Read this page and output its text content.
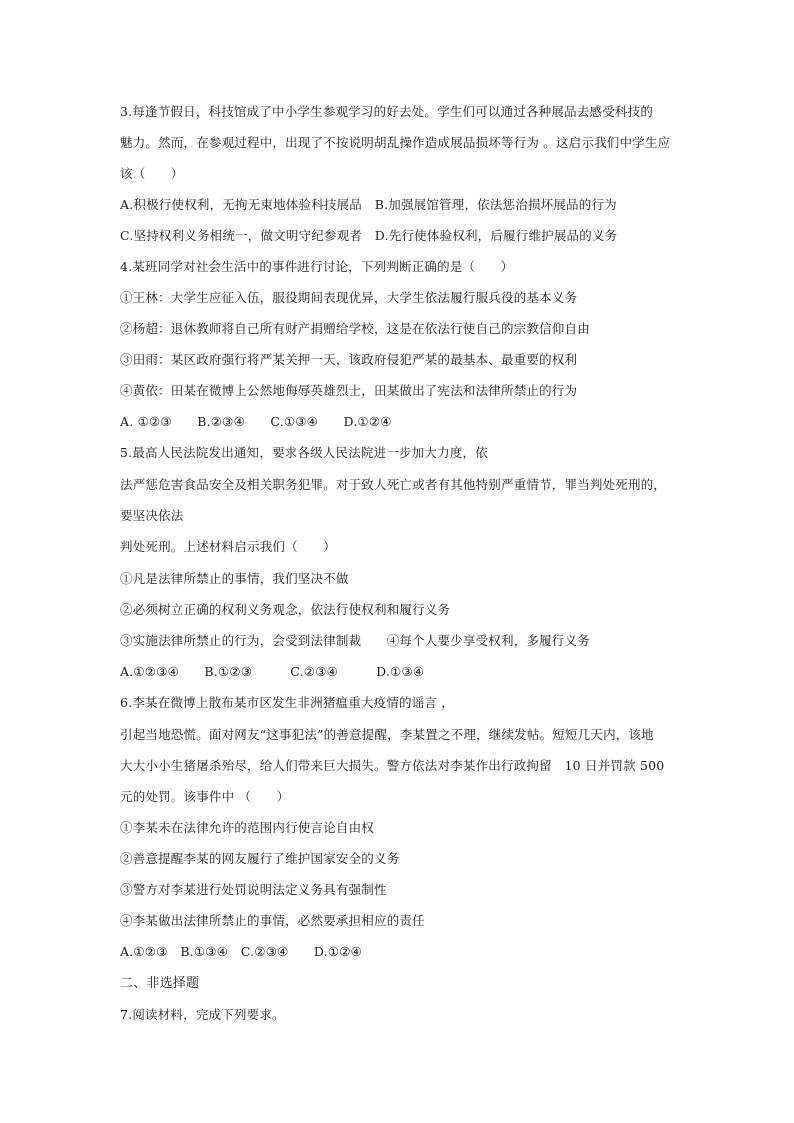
3.每逢节假日，科技馆成了中小学生参观学习的好去处。学生们可以通过各种展品去感受科技的
魅力。然而，在参观过程中，出现了不按说明胡乱操作造成展品损坏等行为 。这启示我们中学生应
该（　　）
A.积极行使权利，无拘无束地体验科技展品　B.加强展馆管理，依法惩治损坏展品的行为
C.坚持权利义务相统一，做文明守纪参观者　D.先行使体验权利，后履行维护展品的义务
4.某班同学对社会生活中的事件进行讨论，下列判断正确的是（　　）
①王林：大学生应征入伍，服役期间表现优异，大学生依法履行服兵役的基本义务
②杨超：退休教师将自己所有财产捐赠给学校，这是在依法行使自己的宗教信仰自由
③田雨：某区政府强行将严某关押一天，该政府侵犯严某的最基本、最重要的权利
④黄依：田某在微博上公然地侮辱英雄烈士，田某做出了宪法和法律所禁止的行为
A. ①②③　　B.②③④　　C.①③④　　D.①②④
5.最高人民法院发出通知，要求各级人民法院进一步加大力度，依
法严惩危害食品安全及相关职务犯罪。对于致人死亡或者有其他特别严重情节，罪当判处死刑的，
要坚决依法
判处死刑。上述材料启示我们（　　）
①凡是法律所禁止的事情，我们坚决不做
②必须树立正确的权利义务观念，依法行使权利和履行义务
③实施法律所禁止的行为，会受到法律制裁　　④每个人要少享受权利，多履行义务
A.①②③④　　B.①②③　　　C.②③④　　　D.①③④
6.李某在微博上散布某市区发生非洲猪瘟重大疫情的谣言 ，
引起当地恐慌。面对网友“这事犯法”的善意提醒，李某置之不理，继续发帖。短短几天内，该地
大大小小生猪屠杀殆尽，给人们带来巨大损失。警方依法对李某作出行政拘留　10 日并罚款 500
元的处罚。该事件中 （　　）
①李某未在法律允许的范围内行使言论自由权
②善意提醒李某的网友履行了维护国家安全的义务
③警方对李某进行处罚说明法定义务具有强制性
④李某做出法律所禁止的事情，必然要承担相应的责任
A.①②③　B.①③④　C.②③④　　D.①②④
二、非选择题
7.阅读材料，完成下列要求。
